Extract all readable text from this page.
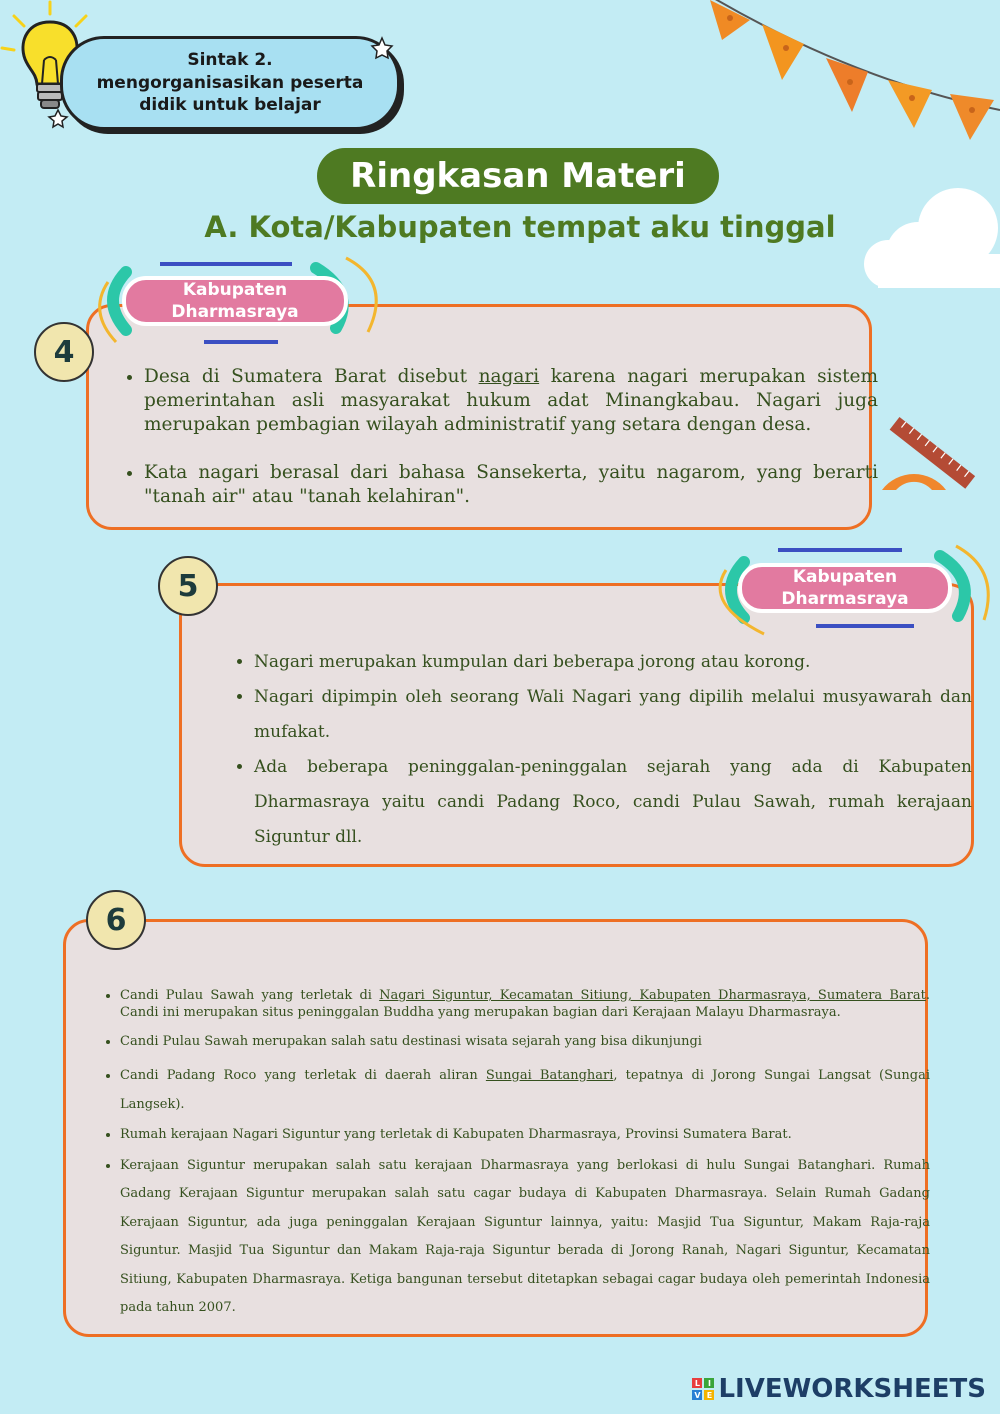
Sintak 2.
mengorganisasikan peserta
didik untuk belajar
Ringkasan Materi
A. Kota/Kabupaten tempat aku tinggal
Kabupaten
Dharmasraya
4
• Desa di Sumatera Barat disebut nagari karena nagari merupakan sistem pemerintahan asli masyarakat hukum adat Minangkabau. Nagari juga merupakan pembagian wilayah administratif yang setara dengan desa.
• Kata nagari berasal dari bahasa Sansekerta, yaitu nagarom, yang berarti "tanah air" atau "tanah kelahiran".
Kabupaten
Dharmasraya
5
• Nagari merupakan kumpulan dari beberapa jorong atau korong.
• Nagari dipimpin oleh seorang Wali Nagari yang dipilih melalui musyawarah dan mufakat.
• Ada beberapa peninggalan-peninggalan sejarah yang ada di Kabupaten Dharmasraya yaitu candi Padang Roco, candi Pulau Sawah, rumah kerajaan Siguntur dll.
6
• Candi Pulau Sawah yang terletak di Nagari Siguntur, Kecamatan Sitiung, Kabupaten Dharmasraya, Sumatera Barat. Candi ini merupakan situs peninggalan Buddha yang merupakan bagian dari Kerajaan Malayu Dharmasraya.
• Candi Pulau Sawah merupakan salah satu destinasi wisata sejarah yang bisa dikunjungi
• Candi Padang Roco yang terletak di daerah aliran Sungai Batanghari, tepatnya di Jorong Sungai Langsat (Sungai Langsek).
• Rumah kerajaan Nagari Siguntur yang terletak di Kabupaten Dharmasraya, Provinsi Sumatera Barat.
• Kerajaan Siguntur merupakan salah satu kerajaan Dharmasraya yang berlokasi di hulu Sungai Batanghari. Rumah Gadang Kerajaan Siguntur merupakan salah satu cagar budaya di Kabupaten Dharmasraya. Selain Rumah Gadang Kerajaan Siguntur, ada juga peninggalan Kerajaan Siguntur lainnya, yaitu: Masjid Tua Siguntur, Makam Raja-raja Siguntur. Masjid Tua Siguntur dan Makam Raja-raja Siguntur berada di Jorong Ranah, Nagari Siguntur, Kecamatan Sitiung, Kabupaten Dharmasraya. Ketiga bangunan tersebut ditetapkan sebagai cagar budaya oleh pemerintah Indonesia pada tahun 2007.
L I
V E LIVEWORKSHEETS
